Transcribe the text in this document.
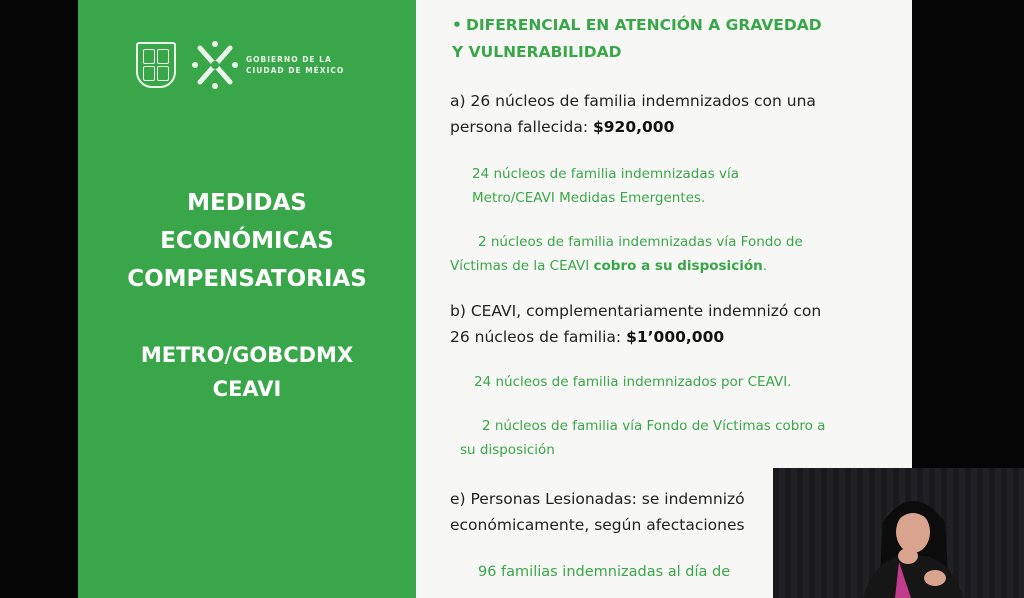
GOBIERNO DE LA
CIUDAD DE MÉXICO
MEDIDAS
ECONÓMICAS
COMPENSATORIAS
METRO/GOBCDMX
CEAVI
• DIFERENCIAL EN ATENCIÓN A GRAVEDAD
Y VULNERABILIDAD
a) 26 núcleos de familia indemnizados con una
persona fallecida: $920,000
24 núcleos de familia indemnizadas vía
Metro/CEAVI Medidas Emergentes.
2 núcleos de familia indemnizadas vía Fondo de
Víctimas de la CEAVI cobro a su disposición.
b) CEAVI, complementariamente indemnizó con
26 núcleos de familia: $1’000,000
24 núcleos de familia indemnizados por CEAVI.
2 núcleos de familia vía Fondo de Víctimas cobro a
su disposición
e) Personas Lesionadas: se indemnizó
económicamente, según afectaciones
96 familias indemnizadas al día de
